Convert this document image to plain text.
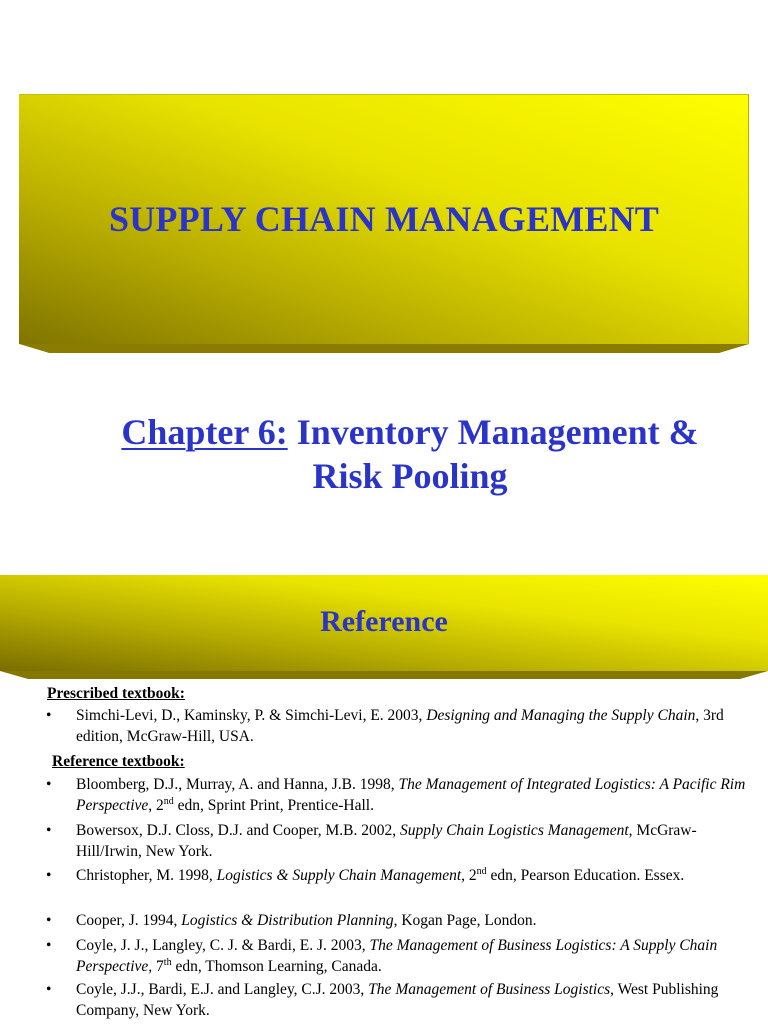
SUPPLY CHAIN MANAGEMENT
Chapter 6: Inventory Management &
Risk Pooling
Reference
Prescribed textbook:
•	Simchi-Levi, D., Kaminsky, P. & Simchi-Levi, E. 2003, Designing and Managing the Supply Chain, 3rd edition, McGraw-Hill, USA.
Reference textbook:
•	Bloomberg, D.J., Murray, A. and Hanna, J.B. 1998, The Management of Integrated Logistics: A Pacific Rim Perspective, 2nd edn, Sprint Print, Prentice-Hall.
•	Bowersox, D.J. Closs, D.J. and Cooper, M.B. 2002, Supply Chain Logistics Management, McGraw-Hill/Irwin, New York.
•	Christopher, M. 1998, Logistics & Supply Chain Management, 2nd edn, Pearson Education. Essex.
•	Cooper, J. 1994, Logistics & Distribution Planning, Kogan Page, London.
•	Coyle, J. J., Langley, C. J. & Bardi, E. J. 2003, The Management of Business Logistics: A Supply Chain Perspective, 7th edn, Thomson Learning, Canada.
•	Coyle, J.J., Bardi, E.J. and Langley, C.J. 2003, The Management of Business Logistics, West Publishing Company, New York.
